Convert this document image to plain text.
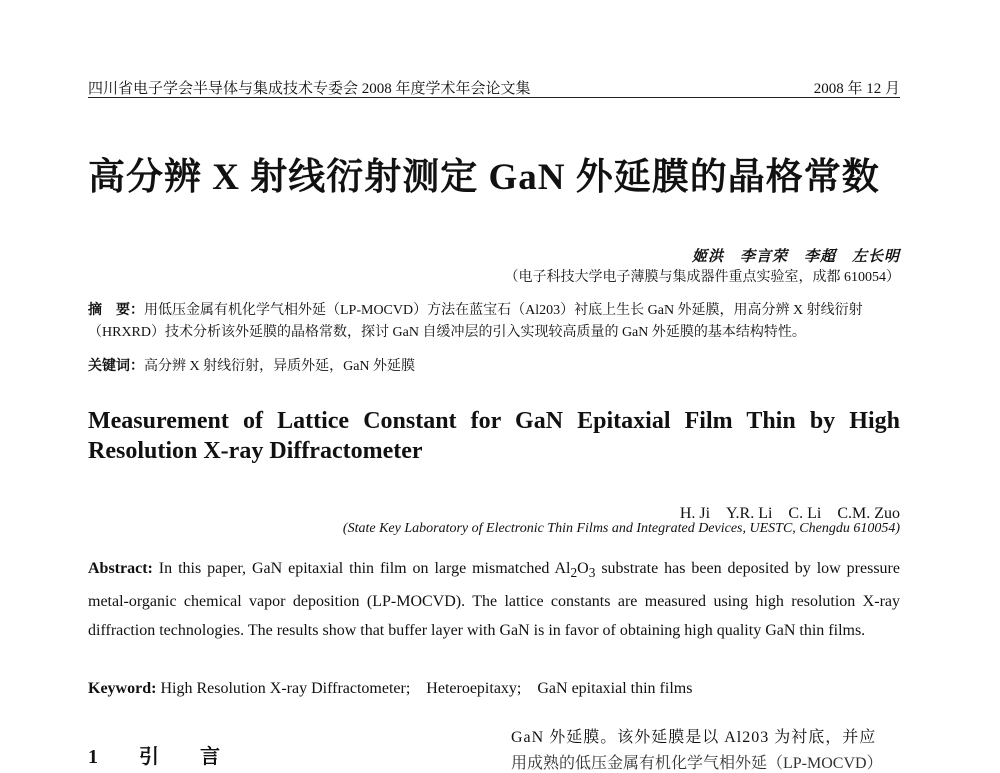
四川省电子学会半导体与集成技术专委会 2008 年度学术年会论文集	2008 年 12 月
高分辨 X 射线衍射测定 GaN 外延膜的晶格常数
姬洪　李言荣　李超　左长明
（电子科技大学电子薄膜与集成器件重点实验室，成都 610054）
摘　要：用低压金属有机化学气相外延（LP-MOCVD）方法在蓝宝石（Al203）衬底上生长 GaN 外延膜，用高分辨 X 射线衍射（HRXRD）技术分析该外延膜的晶格常数，探讨 GaN 自缓冲层的引入实现较高质量的 GaN 外延膜的基本结构特性。
关键词：高分辨 X 射线衍射，异质外延，GaN 外延膜
Measurement of Lattice Constant for GaN Epitaxial Film Thin by High Resolution X-ray Diffractometer
H. Ji　Y.R. Li　C. Li　C.M. Zuo
(State Key Laboratory of Electronic Thin Films and Integrated Devices, UESTC, Chengdu 610054)
Abstract: In this paper, GaN epitaxial thin film on large mismatched $Al_2O_3$ substrate has been deposited by low pressure metal-organic chemical vapor deposition (LP-MOCVD). The lattice constants are measured using high resolution X-ray diffraction technologies. The results show that buffer layer with GaN is in favor of obtaining high quality GaN thin films.
Keyword: High Resolution X-ray Diffractometer;　Heteroepitaxy;　GaN epitaxial thin films
1 引 言
GaN 外延膜。该外延膜是以 Al203 为衬底，并应
用成熟的低压金属有机化学气相外延（LP-MOCVD）
